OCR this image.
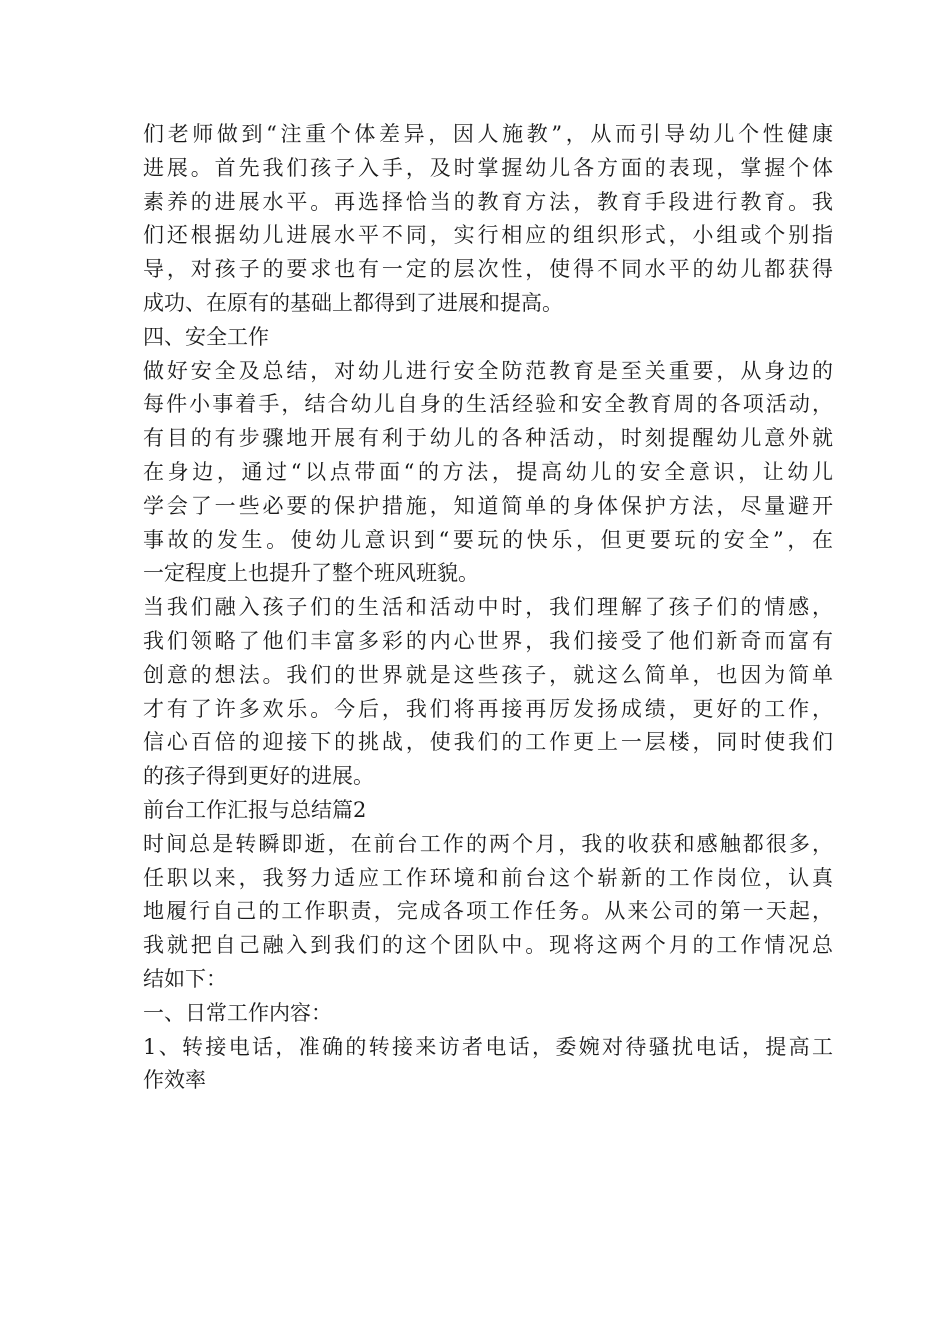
们老师做到“注重个体差异，因人施教”，从而引导幼儿个性健康
进展。首先我们孩子入手，及时掌握幼儿各方面的表现，掌握个体
素养的进展水平。再选择恰当的教育方法，教育手段进行教育。我
们还根据幼儿进展水平不同，实行相应的组织形式，小组或个别指
导，对孩子的要求也有一定的层次性，使得不同水平的幼儿都获得
成功、在原有的基础上都得到了进展和提高。
四、安全工作
做好安全及总结，对幼儿进行安全防范教育是至关重要，从身边的
每件小事着手，结合幼儿自身的生活经验和安全教育周的各项活动，
有目的有步骤地开展有利于幼儿的各种活动，时刻提醒幼儿意外就
在身边，通过“以点带面“的方法，提高幼儿的安全意识，让幼儿
学会了一些必要的保护措施，知道简单的身体保护方法，尽量避开
事故的发生。使幼儿意识到“要玩的快乐，但更要玩的安全”，在
一定程度上也提升了整个班风班貌。
当我们融入孩子们的生活和活动中时，我们理解了孩子们的情感，
我们领略了他们丰富多彩的内心世界，我们接受了他们新奇而富有
创意的想法。我们的世界就是这些孩子，就这么简单，也因为简单
才有了许多欢乐。今后，我们将再接再厉发扬成绩，更好的工作，
信心百倍的迎接下的挑战，使我们的工作更上一层楼，同时使我们
的孩子得到更好的进展。
前台工作汇报与总结篇2
时间总是转瞬即逝，在前台工作的两个月，我的收获和感触都很多，
任职以来，我努力适应工作环境和前台这个崭新的工作岗位，认真
地履行自己的工作职责，完成各项工作任务。从来公司的第一天起，
我就把自己融入到我们的这个团队中。现将这两个月的工作情况总
结如下：
一、日常工作内容：
1、转接电话，准确的转接来访者电话，委婉对待骚扰电话，提高工
作效率
